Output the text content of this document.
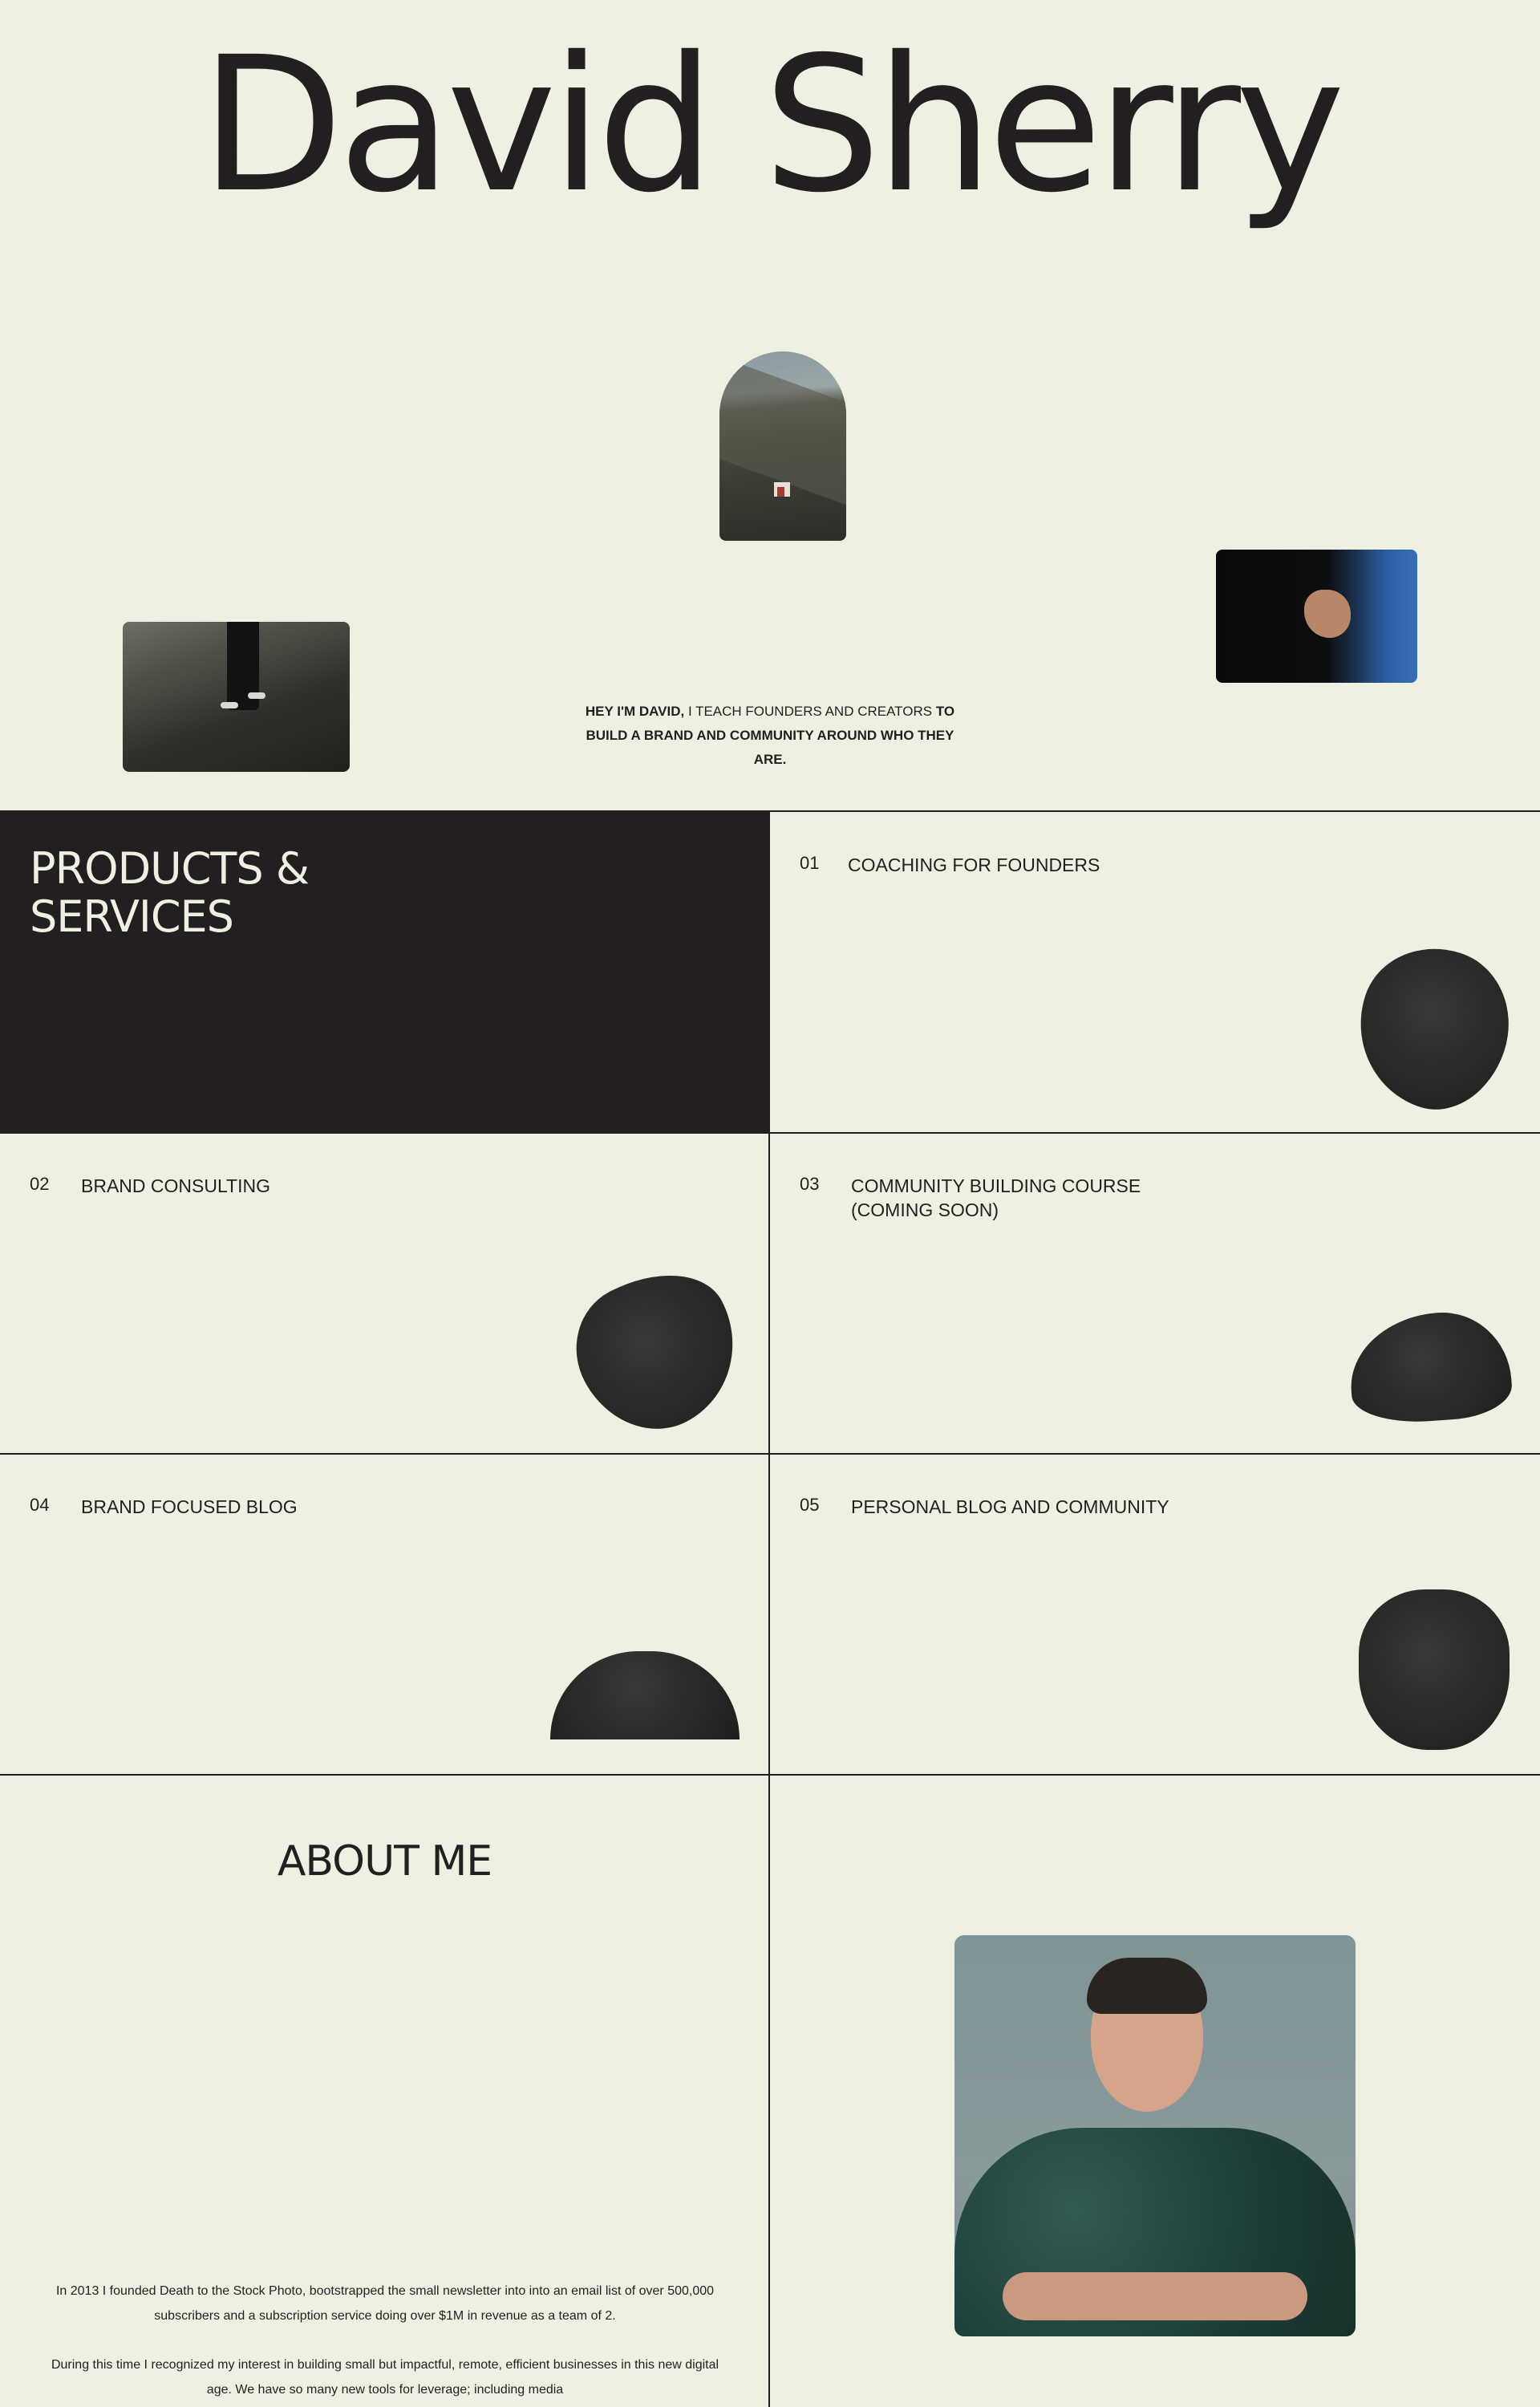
David Sherry

HEY I'M DAVID, I TEACH FOUNDERS AND CREATORS TO BUILD A BRAND AND COMMUNITY AROUND WHO THEY ARE.

PRODUCTS &
SERVICES
01 COACHING FOR FOUNDERS
02 BRAND CONSULTING	03 COMMUNITY BUILDING COURSE (COMING SOON)
04 BRAND FOCUSED BLOG	05 PERSONAL BLOG AND COMMUNITY
ABOUT ME

In 2013 I founded Death to the Stock Photo, bootstrapped the small newsletter into into an email list of over 500,000 subscribers and a subscription service doing over $1M in revenue as a team of 2.

During this time I recognized my interest in building small but impactful, remote, efficient businesses in this new digital age. We have so many new tools for leverage; including media
